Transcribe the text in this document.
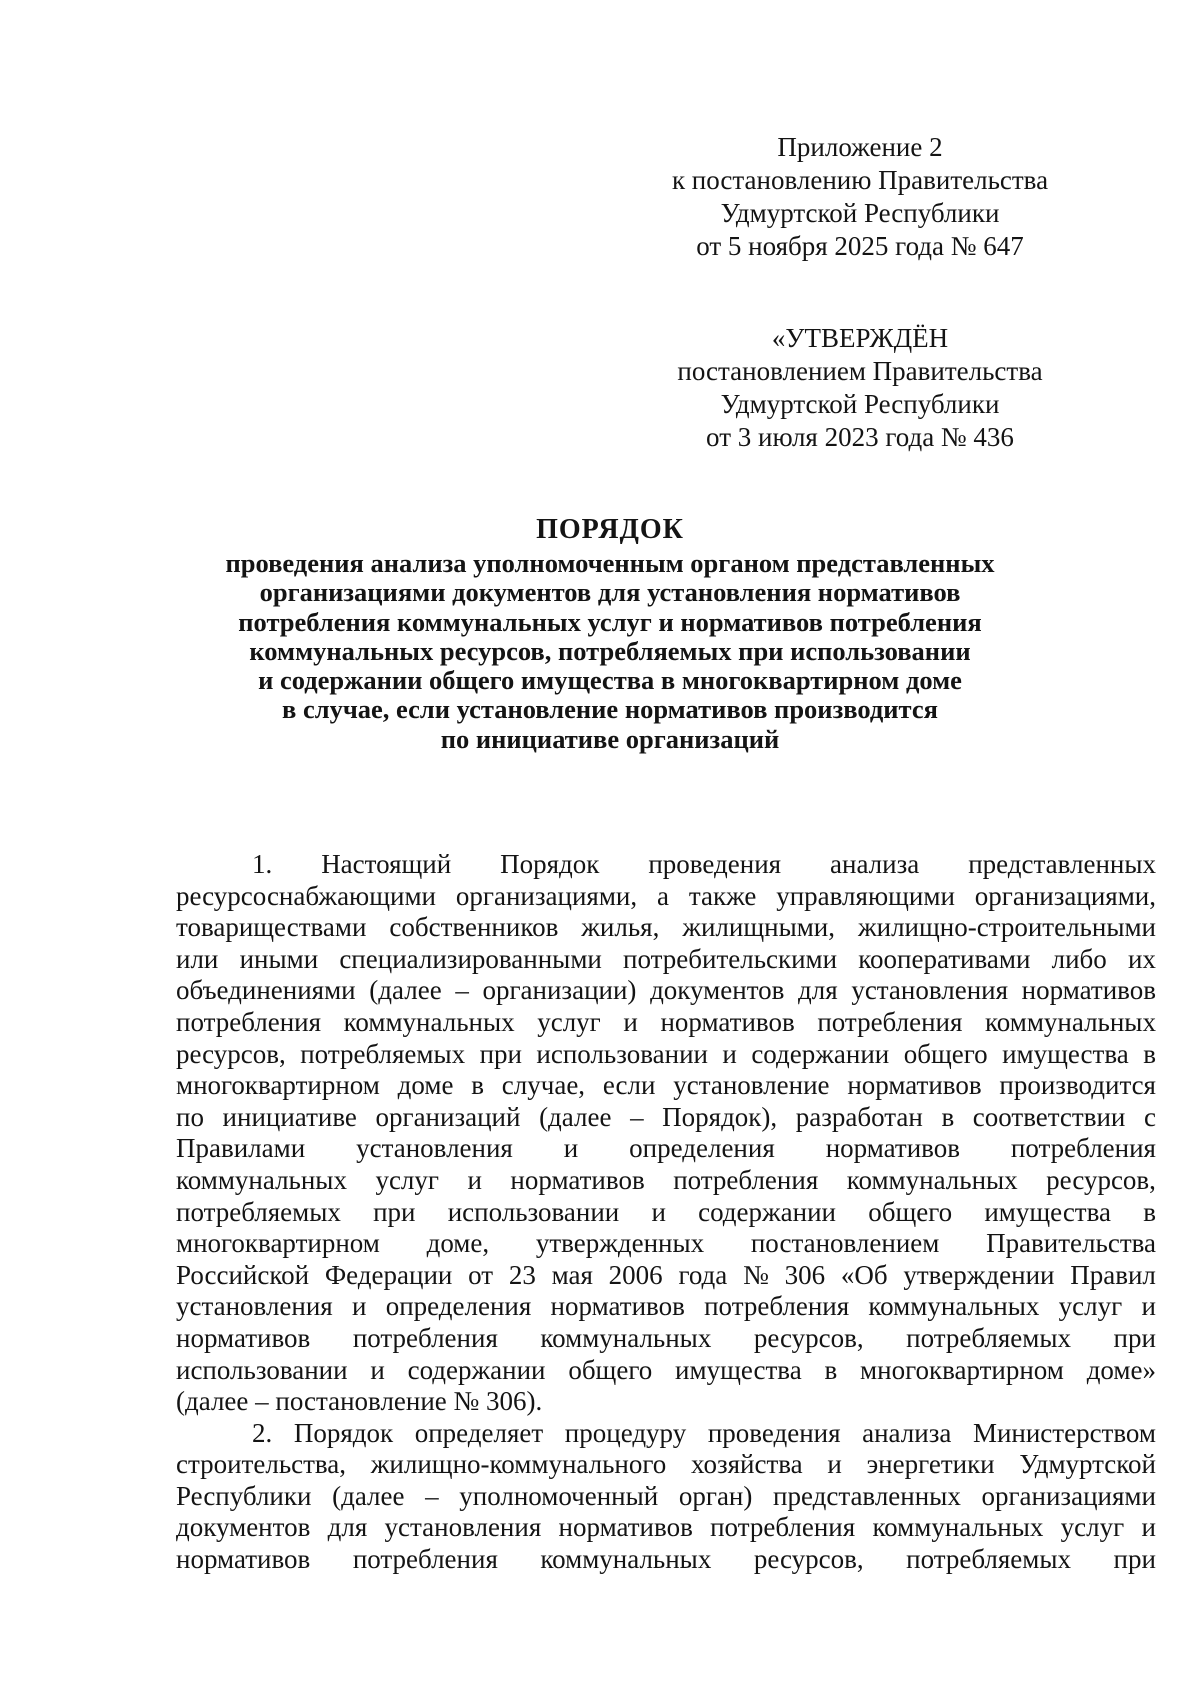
Приложение 2
к постановлению Правительства
Удмуртской Республики
от 5 ноября 2025 года № 647
«УТВЕРЖДЁН
постановлением Правительства
Удмуртской Республики
от 3 июля 2023 года № 436
ПОРЯДОК
проведения анализа уполномоченным органом представленных
организациями документов для установления нормативов
потребления коммунальных услуг и нормативов потребления
коммунальных ресурсов, потребляемых при использовании
и содержании общего имущества в многоквартирном доме
в случае, если установление нормативов производится
по инициативе организаций
1. Настоящий Порядок проведения анализа представленных
ресурсоснабжающими организациями, а также управляющими организациями,
товариществами собственников жилья, жилищными, жилищно-строительными
или иными специализированными потребительскими кооперативами либо их
объединениями (далее – организации) документов для установления нормативов
потребления коммунальных услуг и нормативов потребления коммунальных
ресурсов, потребляемых при использовании и содержании общего имущества в
многоквартирном доме в случае, если установление нормативов производится
по инициативе организаций (далее – Порядок), разработан в соответствии с
Правилами установления и определения нормативов потребления
коммунальных услуг и нормативов потребления коммунальных ресурсов,
потребляемых при использовании и содержании общего имущества в
многоквартирном доме, утвержденных постановлением Правительства
Российской Федерации от 23 мая 2006 года № 306 «Об утверждении Правил
установления и определения нормативов потребления коммунальных услуг и
нормативов потребления коммунальных ресурсов, потребляемых при
использовании и содержании общего имущества в многоквартирном доме»
(далее – постановление № 306).
2. Порядок определяет процедуру проведения анализа Министерством
строительства, жилищно-коммунального хозяйства и энергетики Удмуртской
Республики (далее – уполномоченный орган) представленных организациями
документов для установления нормативов потребления коммунальных услуг и
нормативов потребления коммунальных ресурсов, потребляемых при
